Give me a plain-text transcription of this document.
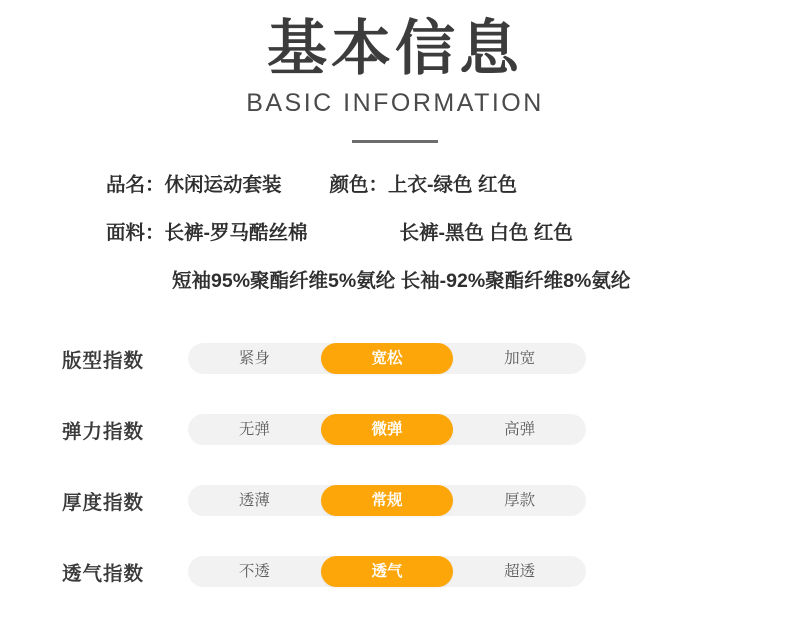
基本信息
BASIC INFORMATION
品名： 休闲运动套装 颜色： 上衣-绿色 红色
面料： 长裤-罗马酷丝棉	长裤-黑色 白色 红色
短袖95%聚酯纤维5%氨纶 长袖-92%聚酯纤维8%氨纶
版型指数	紧身	宽松	加宽
弹力指数	无弹	微弹	高弹
厚度指数	透薄	常规	厚款
透气指数	不透	透气	超透
